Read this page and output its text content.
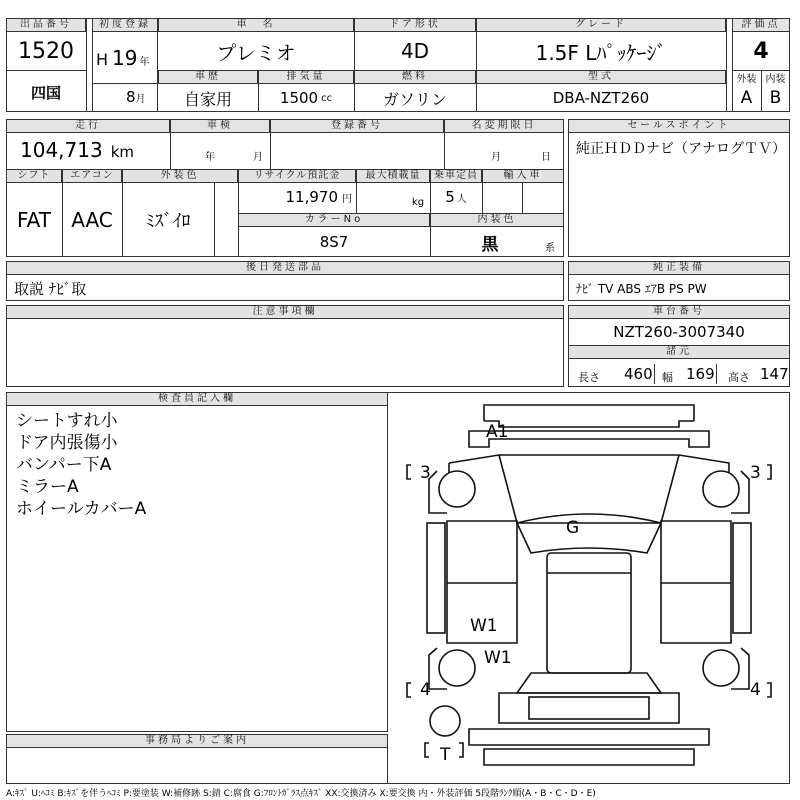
出品番号
1520
四国
初度登録
H 19 年
8 月
車　名
プレミオ
ドア形状
4D
グレード
1.5F Lﾊﾟｯｹｰｼﾞ
評価点
4
車歴
自家用
排気量
1500 cc
燃料
ガソリン
型式
DBA-NZT260
外装 内装
A	B
走行
104,713 km
車検
年	月
登録番号	名変期限日
月	日
シフト
FAT
エアコン
AAC
外装色
ﾐｽﾞｲﾛ
リサイクル預託金
11,970 円
最大積載量
kg
乗車定員
5 人
輸入車
カラーNo
8S7
内装色
黒	系
セールスポイント
純正ＨＤＤナビ（アナログＴＶ）
後日発送部品
取説 ﾅﾋﾞ取
純正装備
ﾅﾋﾞ TV ABS ｴｱB PS PW
注意事項欄	車台番号
NZT260-3007340
諸元
長さ 460 幅 169 高さ 147
検査員記入欄
シートすれ小
ドア内張傷小
バンパー下A
ミラーA
ホイールカバーA
事務局よりご案内
A1
G
W1
W1
T
3	3
4	4
A:ｷｽﾞ U:ﾍｺﾐ B:ｷｽﾞを伴うﾍｺﾐ P:要塗装 W:補修跡 S:錆 C:腐食 G:ﾌﾛﾝﾄｶﾞﾗｽ点ｷｽﾞ XX:交換済み X:要交換 内・外装評価 5段階ﾗﾝｸ順(A・B・C・D・E)
